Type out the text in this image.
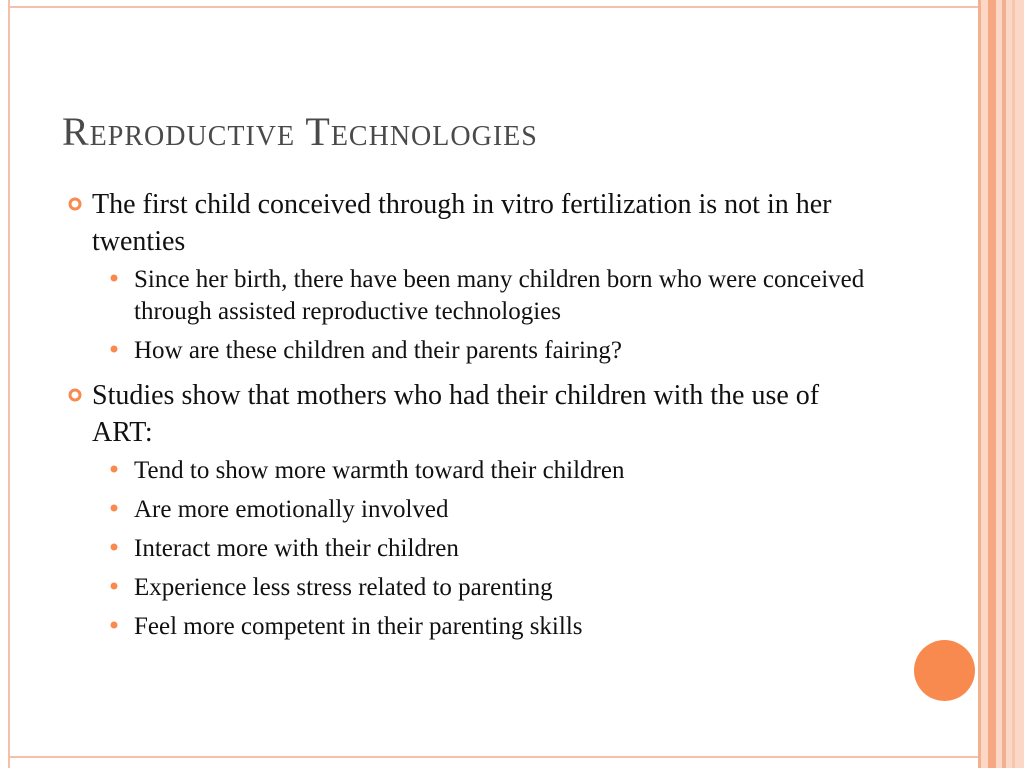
Reproductive Technologies
The first child conceived through in vitro fertilization is not in her twenties
Since her birth, there have been many children born who were conceived through assisted reproductive technologies
How are these children and their parents fairing?
Studies show that mothers who had their children with the use of ART:
Tend to show more warmth toward their children
Are more emotionally involved
Interact more with their children
Experience less stress related to parenting
Feel more competent in their parenting skills
